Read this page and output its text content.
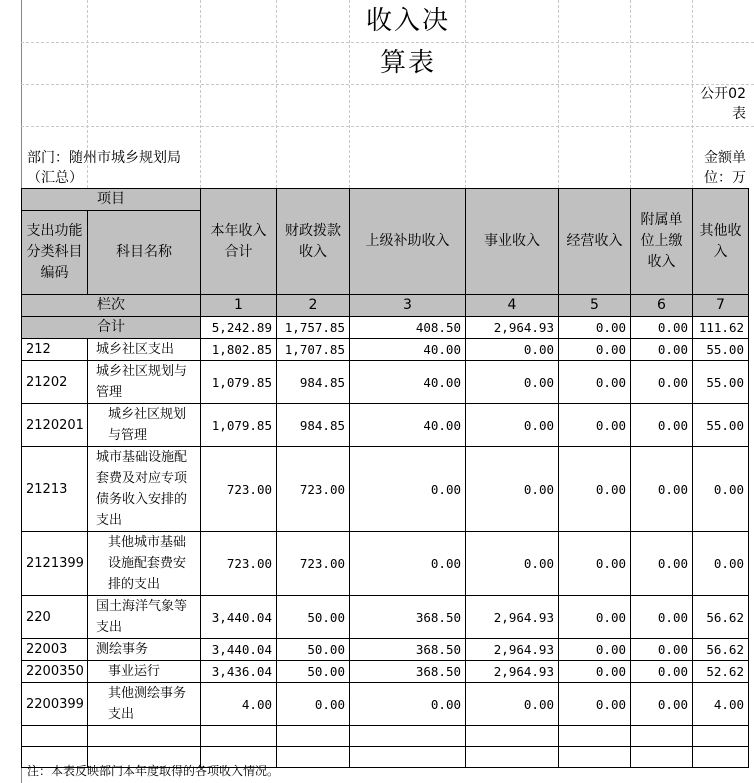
收入决
算表
公开02表
部门：随州市城乡规划局（汇总）
金额单位：万
项目		本年收入合计	财政拨款收入	上级补助收入	事业收入	经营收入	附属单位上缴收入	其他收入
支出功能分类科目编码	科目名称							
栏次		1	2	3	4	5	6	7
合计		5,242.89	1,757.85	408.50	2,964.93	0.00	0.00	111.62
212	城乡社区支出	1,802.85	1,707.85	40.00	0.00	0.00	0.00	55.00
21202	城乡社区规划与管理	1,079.85	984.85	40.00	0.00	0.00	0.00	55.00
2120201	城乡社区规划与管理	1,079.85	984.85	40.00	0.00	0.00	0.00	55.00
21213	城市基础设施配套费及对应专项债务收入安排的支出	723.00	723.00	0.00	0.00	0.00	0.00	0.00
2121399	其他城市基础设施配套费安排的支出	723.00	723.00	0.00	0.00	0.00	0.00	0.00
220	国土海洋气象等支出	3,440.04	50.00	368.50	2,964.93	0.00	0.00	56.62
22003	测绘事务	3,440.04	50.00	368.50	2,964.93	0.00	0.00	56.62
2200350	事业运行	3,436.04	50.00	368.50	2,964.93	0.00	0.00	52.62
2200399	其他测绘事务支出	4.00	0.00	0.00	0.00	0.00	0.00	4.00

注：本表反映部门本年度取得的各项收入情况。
